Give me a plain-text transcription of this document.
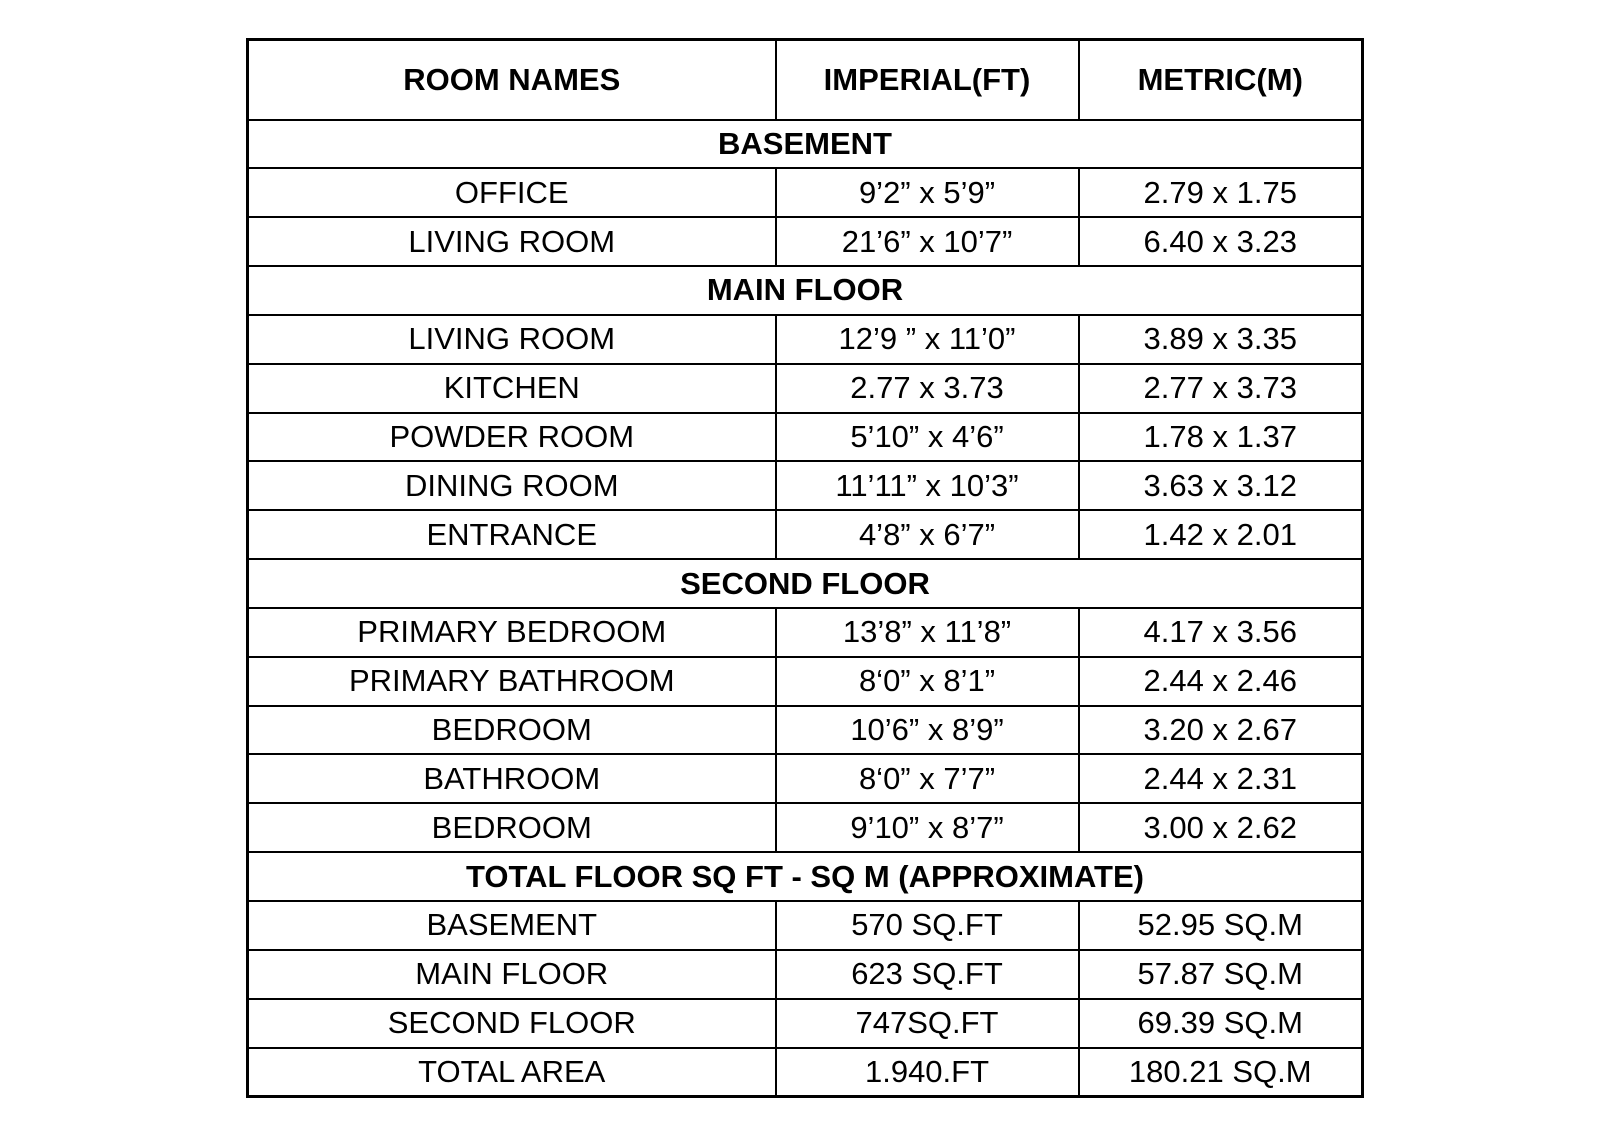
ROOM NAMES	IMPERIAL(FT)	METRIC(M)
BASEMENT		
OFFICE	9’2” x 5’9”	2.79 x 1.75
LIVING ROOM	21’6” x 10’7”	6.40 x 3.23
MAIN FLOOR		
LIVING ROOM	12’9 ” x 11’0”	3.89 x 3.35
KITCHEN	2.77 x 3.73	2.77 x 3.73
POWDER ROOM	5’10” x 4’6”	1.78 x 1.37
DINING ROOM	11’11” x 10’3”	3.63 x 3.12
ENTRANCE	4’8” x 6’7”	1.42 x 2.01
SECOND FLOOR		
PRIMARY BEDROOM	13’8” x 11’8”	4.17 x 3.56
PRIMARY BATHROOM	8‘0” x 8’1”	2.44 x 2.46
BEDROOM	10’6” x 8’9”	3.20 x 2.67
BATHROOM	8‘0” x 7’7”	2.44 x 2.31
BEDROOM	9’10” x 8’7”	3.00 x 2.62
TOTAL FLOOR SQ FT - SQ M (APPROXIMATE)		
BASEMENT	570 SQ.FT	52.95 SQ.M
MAIN FLOOR	623 SQ.FT	57.87 SQ.M
SECOND FLOOR	747SQ.FT	69.39 SQ.M
TOTAL AREA	1.940.FT	180.21 SQ.M
